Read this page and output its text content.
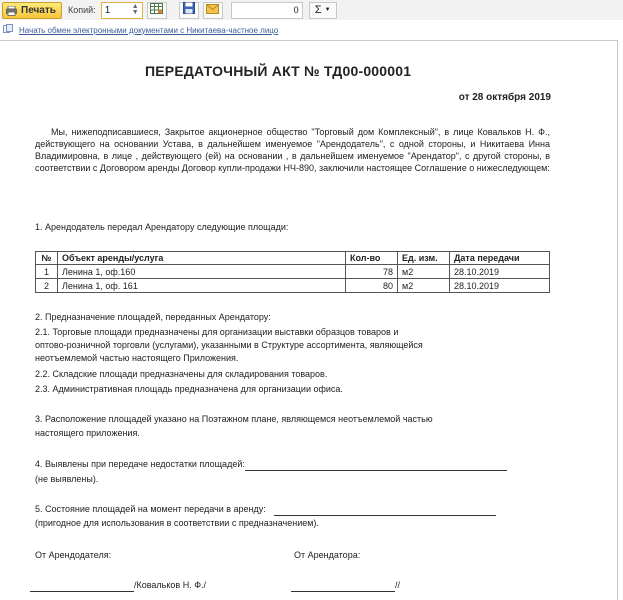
Печать Копий: 1	▲
▼	0	Σ ▼
Начать обмен электронными документами с Никитаева-частное лицо
ПЕРЕДАТОЧНЫЙ АКТ № ТД00-000001
от 28 октября 2019
Мы, нижеподписавшиеся, Закрытое акционерное общество "Торговый дом Комплексный", в лице Ковальков Н. Ф., действующего на основании Устава, в дальнейшем именуемое "Арендодатель", с одной стороны, и Никитаева Инна Владимировна, в лице , действующего (ей) на основании , в дальнейшем именуемое "Арендатор", с другой стороны, в соответствии с Договором аренды Договор купли-продажи НЧ-890, заключили настоящее Соглашение о нижеследующем:
1. Арендодатель передал Арендатору следующие площади:
№	Объект аренды/услуга	Кол-во	Ед. изм.	Дата передачи
1	Ленина 1, оф.160	78	м2	28.10.2019
2	Ленина 1, оф. 161	80	м2	28.10.2019
2. Предназначение площадей, переданных Арендатору:
2.1. Торговые площади предназначены для организации выставки образцов товаров и
оптово-розничной торговли (услугами), указанными в Структуре ассортимента, являющейся
неотъемлемой частью настоящего Приложения.
2.2. Складские площади предназначены для складирования товаров.
2.3. Административная площадь предназначена для организации офиса.
3. Расположение площадей указано на Поэтажном плане, являющемся неотъемлемой частью
настоящего приложения.
4. Выявлены при передаче недостатки площадей:
(не выявлены).
5. Состояние площадей на момент передачи в аренду:
(пригодное для использования в соответствии с предназначением).
От Арендодателя:	От Арендатора:
/Ковальков Н. Ф./	//
